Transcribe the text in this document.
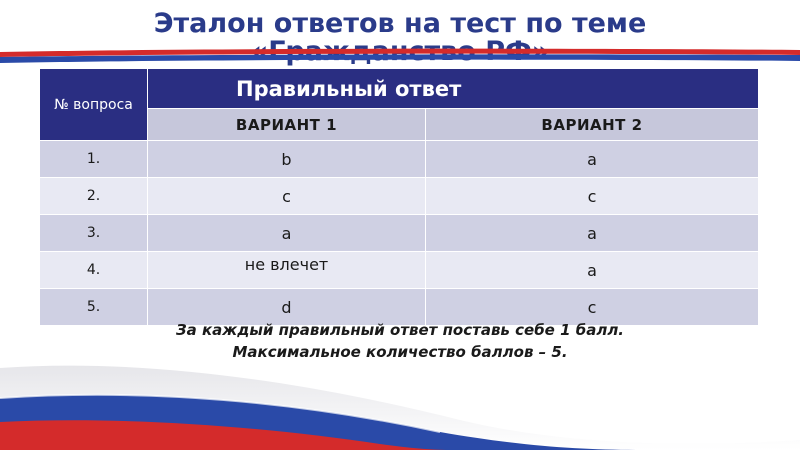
Эталон ответов на тест по теме
№ вопроса	Правильный ответ	
	ВАРИАНТ 1	ВАРИАНТ 2
1.	b	a
2.	c	c
3.	a	a
4.	не влечет	a
5.	d	c
За каждый правильный ответ поставь себе 1 балл.
Максимальное количество баллов – 5.
